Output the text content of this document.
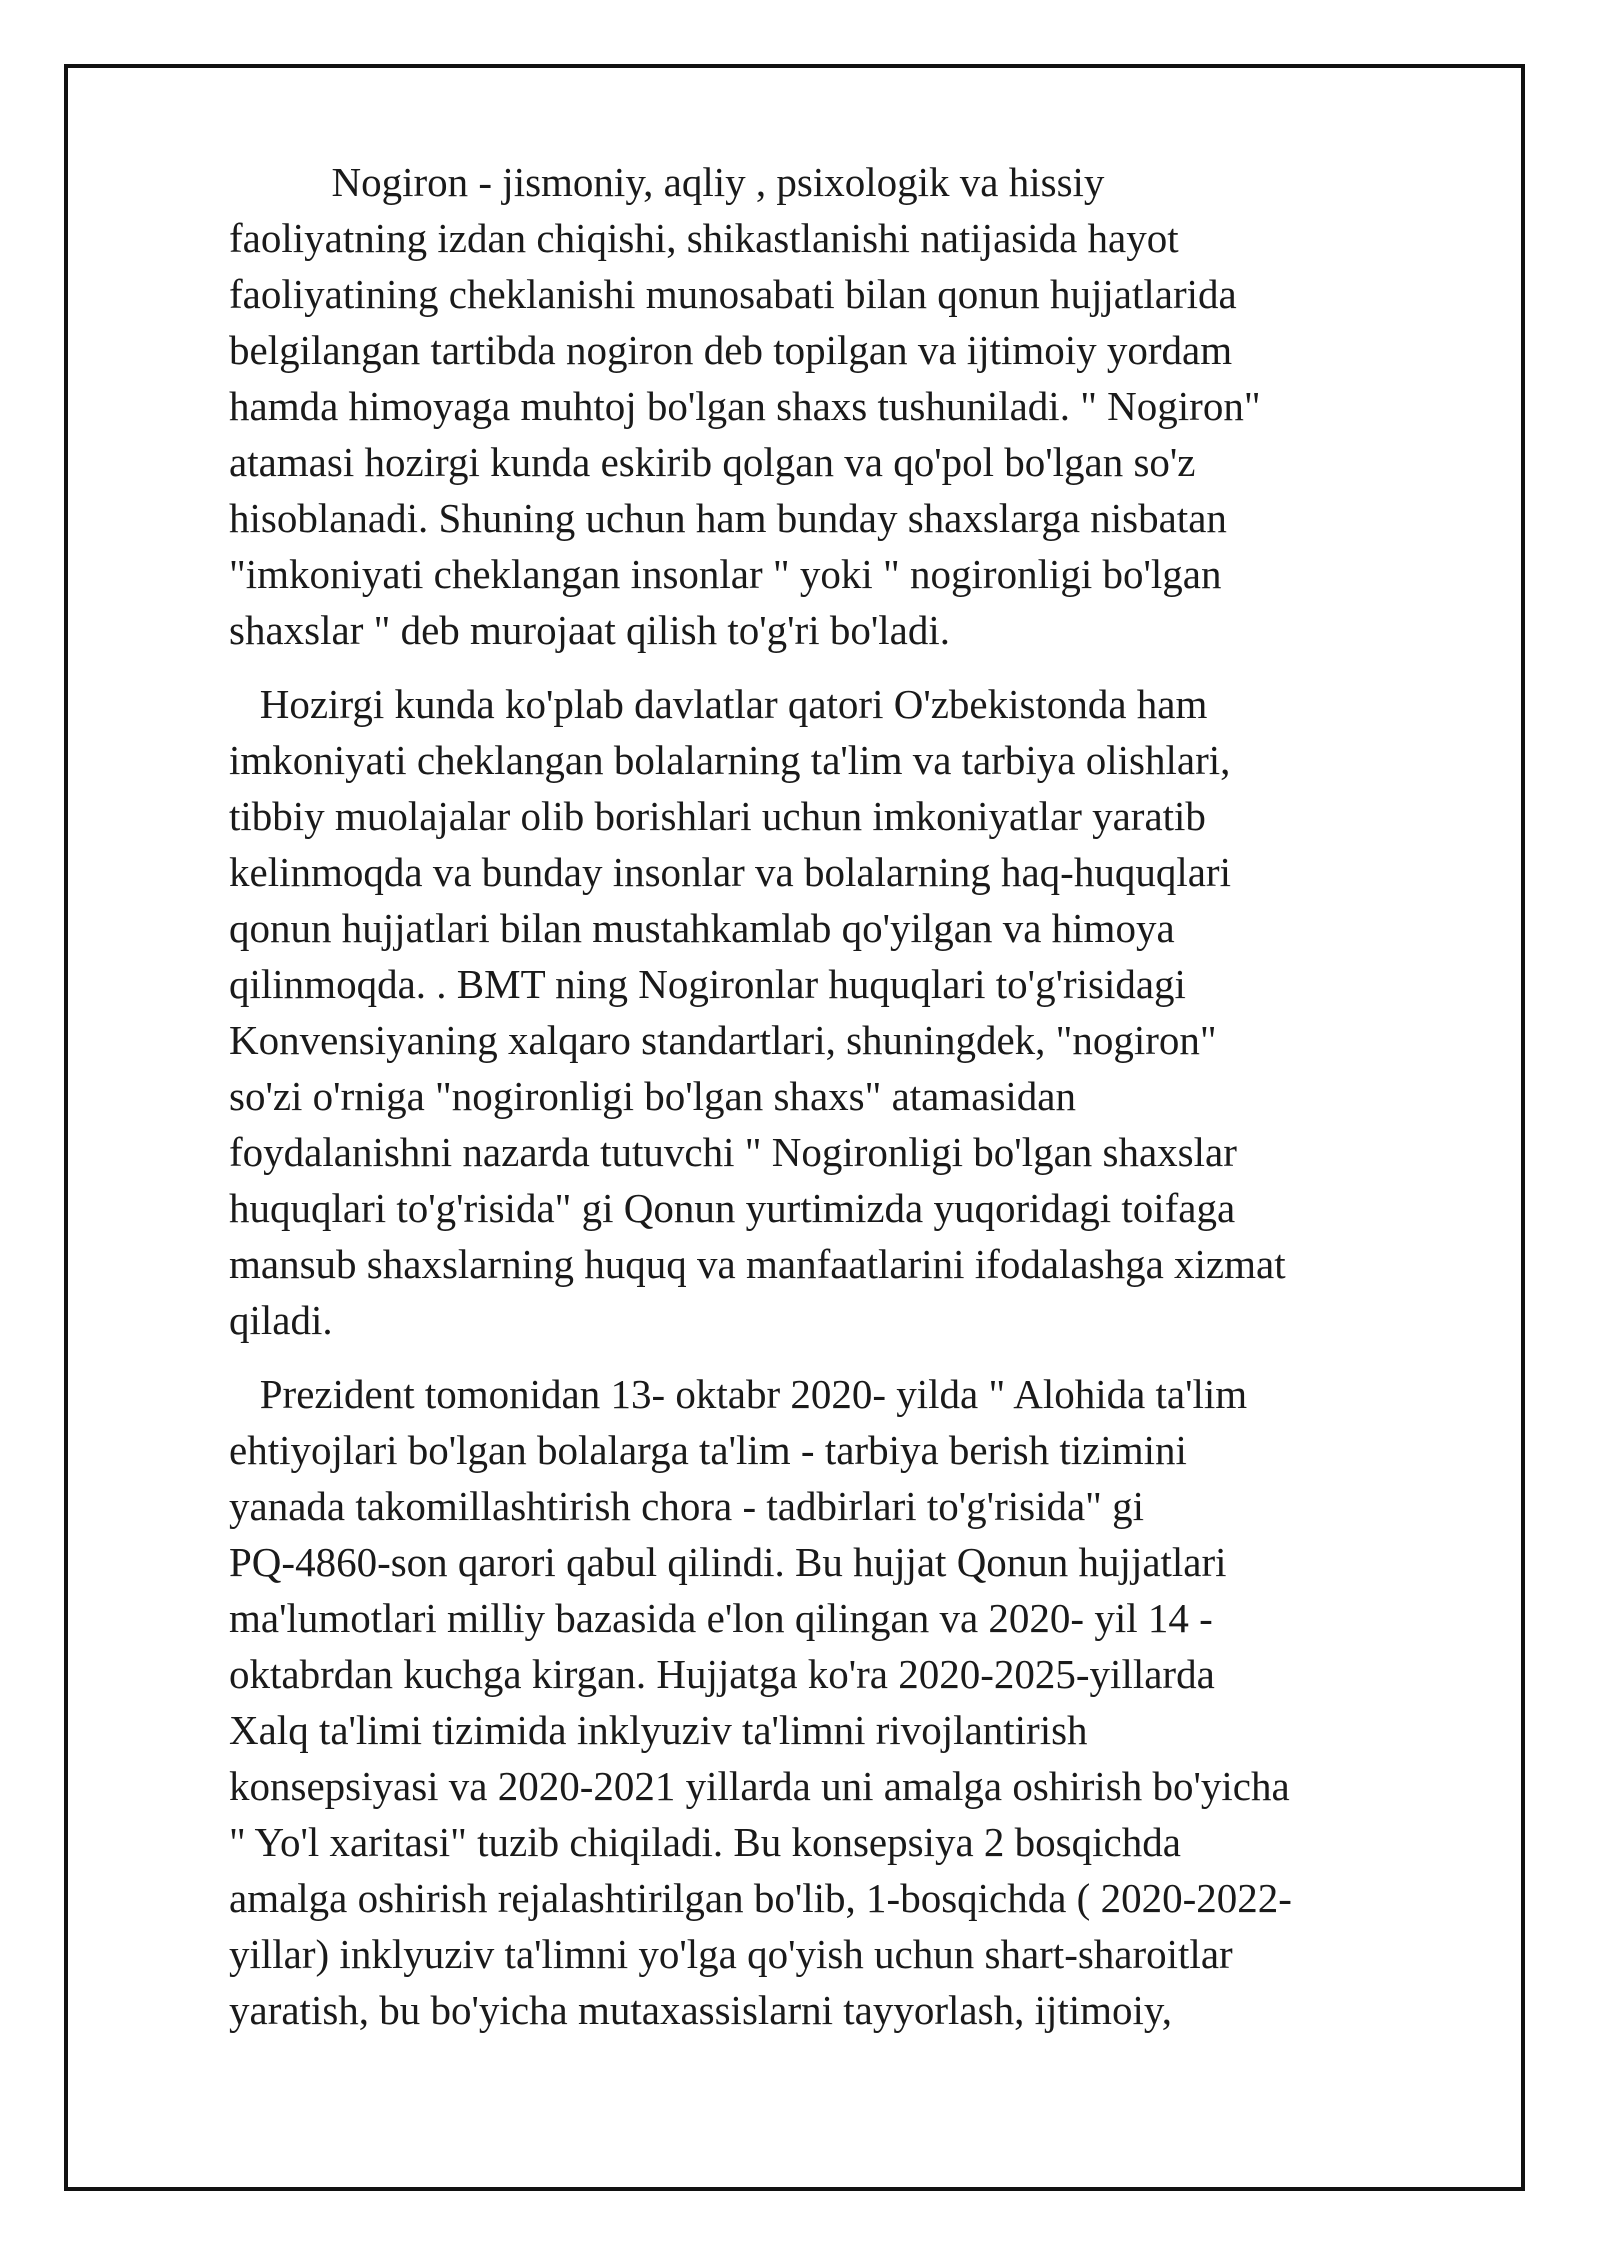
Nogiron - jismoniy, aqliy , psixologik va hissiy
faoliyatning izdan chiqishi, shikastlanishi natijasida hayot
faoliyatining cheklanishi munosabati bilan qonun hujjatlarida
belgilangan tartibda nogiron deb topilgan va ijtimoiy yordam
hamda himoyaga muhtoj bo'lgan shaxs tushuniladi. " Nogiron"
atamasi hozirgi kunda eskirib qolgan va qo'pol bo'lgan so'z
hisoblanadi. Shuning uchun ham bunday shaxslarga nisbatan
"imkoniyati cheklangan insonlar " yoki " nogironligi bo'lgan
shaxslar " deb murojaat qilish to'g'ri bo'ladi.
Hozirgi kunda ko'plab davlatlar qatori O'zbekistonda ham
imkoniyati cheklangan bolalarning ta'lim va tarbiya olishlari,
tibbiy muolajalar olib borishlari uchun imkoniyatlar yaratib
kelinmoqda va bunday insonlar va bolalarning haq-huquqlari
qonun hujjatlari bilan mustahkamlab qo'yilgan va himoya
qilinmoqda. . BMT ning Nogironlar huquqlari to'g'risidagi
Konvensiyaning xalqaro standartlari, shuningdek, "nogiron"
so'zi o'rniga "nogironligi bo'lgan shaxs" atamasidan
foydalanishni nazarda tutuvchi " Nogironligi bo'lgan shaxslar
huquqlari to'g'risida" gi Qonun yurtimizda yuqoridagi toifaga
mansub shaxslarning huquq va manfaatlarini ifodalashga xizmat
qiladi.
Prezident tomonidan 13- oktabr 2020- yilda " Alohida ta'lim
ehtiyojlari bo'lgan bolalarga ta'lim - tarbiya berish tizimini
yanada takomillashtirish chora - tadbirlari to'g'risida" gi
PQ-4860-son qarori qabul qilindi. Bu hujjat Qonun hujjatlari
ma'lumotlari milliy bazasida e'lon qilingan va 2020- yil 14 -
oktabrdan kuchga kirgan. Hujjatga ko'ra 2020-2025-yillarda
Xalq ta'limi tizimida inklyuziv ta'limni rivojlantirish
konsepsiyasi va 2020-2021 yillarda uni amalga oshirish bo'yicha
" Yo'l xaritasi" tuzib chiqiladi. Bu konsepsiya 2 bosqichda
amalga oshirish rejalashtirilgan bo'lib, 1-bosqichda ( 2020-2022-
yillar) inklyuziv ta'limni yo'lga qo'yish uchun shart-sharoitlar
yaratish, bu bo'yicha mutaxassislarni tayyorlash, ijtimoiy,
